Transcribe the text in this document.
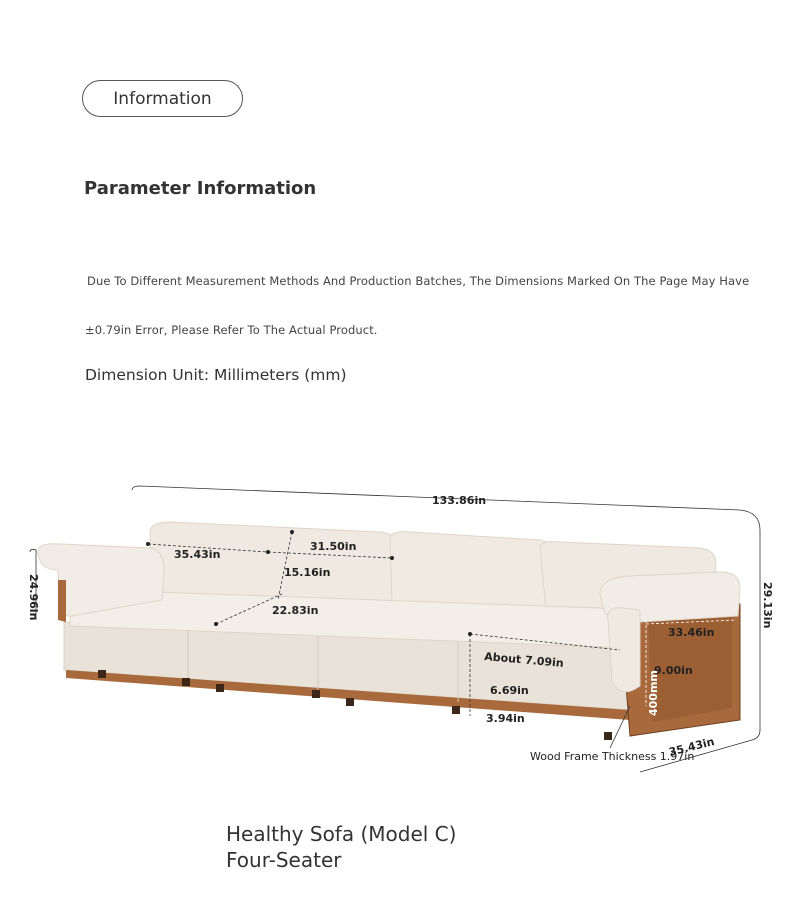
Information
Parameter Information
Due To Different Measurement Methods And Production Batches, The Dimensions Marked On The Page May Have
±0.79in Error, Please Refer To The Actual Product.
Dimension Unit: Millimeters (mm)
133.86in
29.13in
24.96in
35.43in
31.50in
15.16in
22.83in
33.46in
9.00in
400mm
About 7.09in
6.69in
3.94in
Wood Frame Thickness 1.97in
35.43in
Healthy Sofa (Model C)
Four-Seater
